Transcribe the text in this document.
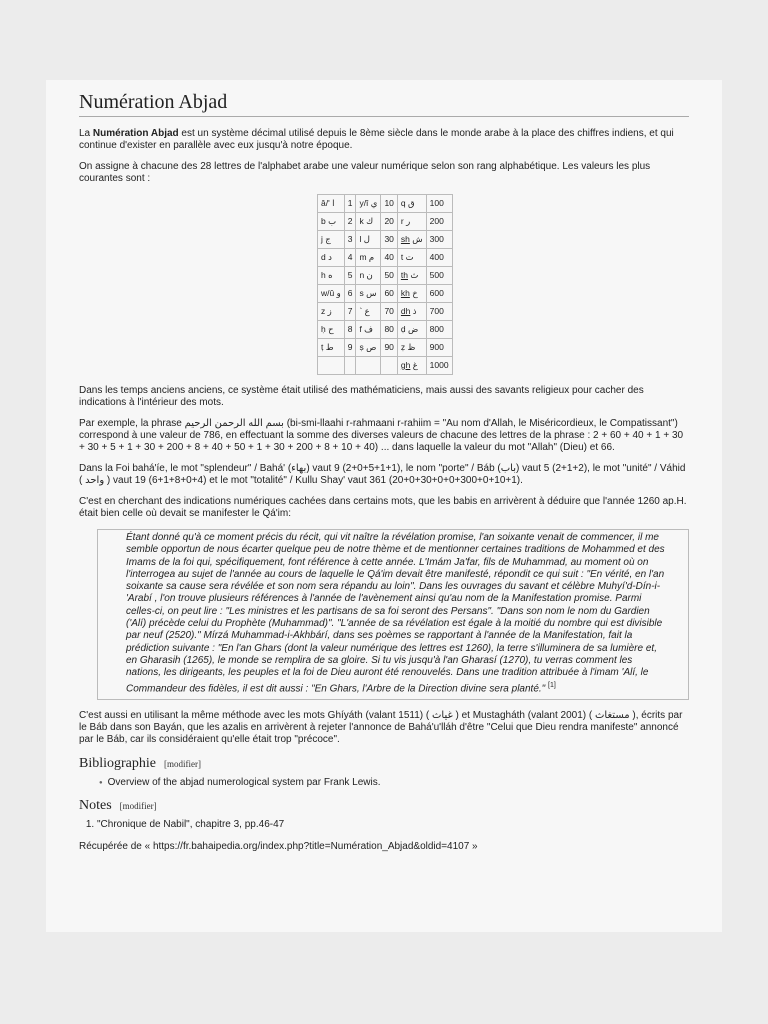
Numération Abjad

La Numération Abjad est un système décimal utilisé depuis le 8ème siècle dans le monde arabe à la place des chiffres indiens, et qui continue d'exister en parallèle avec eux jusqu'à notre époque.

On assigne à chacune des 28 lettres de l'alphabet arabe une valeur numérique selon son rang alphabétique. Les valeurs les plus courantes sont :

â/' ا	1	y/î ي	10	q ق	100
b ب	2	k ك	20	r ر	200
j ج	3	l ل	30	sh ش	300
d د	4	m م	40	t ت	400
h ه	5	n ن	50	th ث	500
w/û و	6	s س	60	kh خ	600
z ز	7	` ع	70	dh ذ	700
ḥ ح	8	f ف	80	ḍ ض	800
ṭ ط	9	ṣ ص	90	ẓ ظ	900
				gh غ	1000

Dans les temps anciens anciens, ce système était utilisé des mathématiciens, mais aussi des savants religieux pour cacher des indications à l'intérieur des mots.

Par exemple, la phrase بسم الله الرحمن الرحيم (bi-smi-llaahi r-rahmaani r-rahiim = "Au nom d'Allah, le Miséricordieux, le Compatissant") correspond à une valeur de 786, en effectuant la somme des diverses valeurs de chacune des lettres de la phrase : 2 + 60 + 40 + 1 + 30 + 30 + 5 + 1 + 30 + 200 + 8 + 40 + 50 + 1 + 30 + 200 + 8 + 10 + 40) ... dans laquelle la valeur du mot "Allah" (Dieu) et 66.

Dans la Foi bahá'íe, le mot "splendeur" / Bahá' (بهاء) vaut 9 (2+0+5+1+1), le nom "porte" / Báb (باب) vaut 5 (2+1+2), le mot "unité" / Váhid ( واحد ) vaut 19 (6+1+8+0+4) et le mot "totalité" / Kullu Shay' vaut 361 (20+0+30+0+0+300+0+10+1).

C'est en cherchant des indications numériques cachées dans certains mots, que les babis en arrivèrent à déduire que l'année 1260 ap.H. était bien celle où devait se manifester le Qá'im:

Étant donné qu'à ce moment précis du récit, qui vit naître la révélation promise, l'an soixante venait de commencer, il me semble opportun de nous écarter quelque peu de notre thème et de mentionner certaines traditions de Mohammed et des Imams de la foi qui, spécifiquement, font référence à cette année. L'Imám Ja'far, fils de Muhammad, au moment où on l'interrogea au sujet de l'année au cours de laquelle le Qá'im devait être manifesté, répondit ce qui suit : "En vérité, en l'an soixante sa cause sera révélée et son nom sera répandu au loin". Dans les ouvrages du savant et célèbre Muhyí'd-Dín-i-'Arabí , l'on trouve plusieurs références à l'année de l'avènement ainsi qu'au nom de la Manifestation promise. Parmi celles-ci, on peut lire : "Les ministres et les partisans de sa foi seront des Persans". "Dans son nom le nom du Gardien ('Alí) précède celui du Prophète (Muhammad)". "L'année de sa révélation est égale à la moitié du nombre qui est divisible par neuf (2520)." Mírzá Muhammad-i-Akhbárí, dans ses poèmes se rapportant à l'année de la Manifestation, fait la prédiction suivante : "En l'an Ghars (dont la valeur numérique des lettres est 1260), la terre s'illuminera de sa lumière et, en Gharasih (1265), le monde se remplira de sa gloire. Si tu vis jusqu'à l'an Gharasí (1270), tu verras comment les nations, les dirigeants, les peuples et la foi de Dieu auront été renouvelés. Dans une tradition attribuée à l'imam 'Alí, le Commandeur des fidèles, il est dit aussi : "En Ghars, l'Arbre de la Direction divine sera planté." [1]

C'est aussi en utilisant la même méthode avec les mots Ghíyáth (valant 1511) ( غياث ) et Mustagháth (valant 2001) ( مستغاث ), écrits par le Báb dans son Bayán, que les azalis en arrivèrent à rejeter l'annonce de Bahá'u'lláh d'être "Celui que Dieu rendra manifeste" annoncé par le Báb, car ils considéraient qu'elle était trop "précoce".

Bibliographie [modifier]
● Overview of the abjad numerological system par Frank Lewis.
Notes [modifier]
1. "Chronique de Nabil", chapitre 3, pp.46-47

Récupérée de « https://fr.bahaipedia.org/index.php?title=Numération_Abjad&oldid=4107 »
